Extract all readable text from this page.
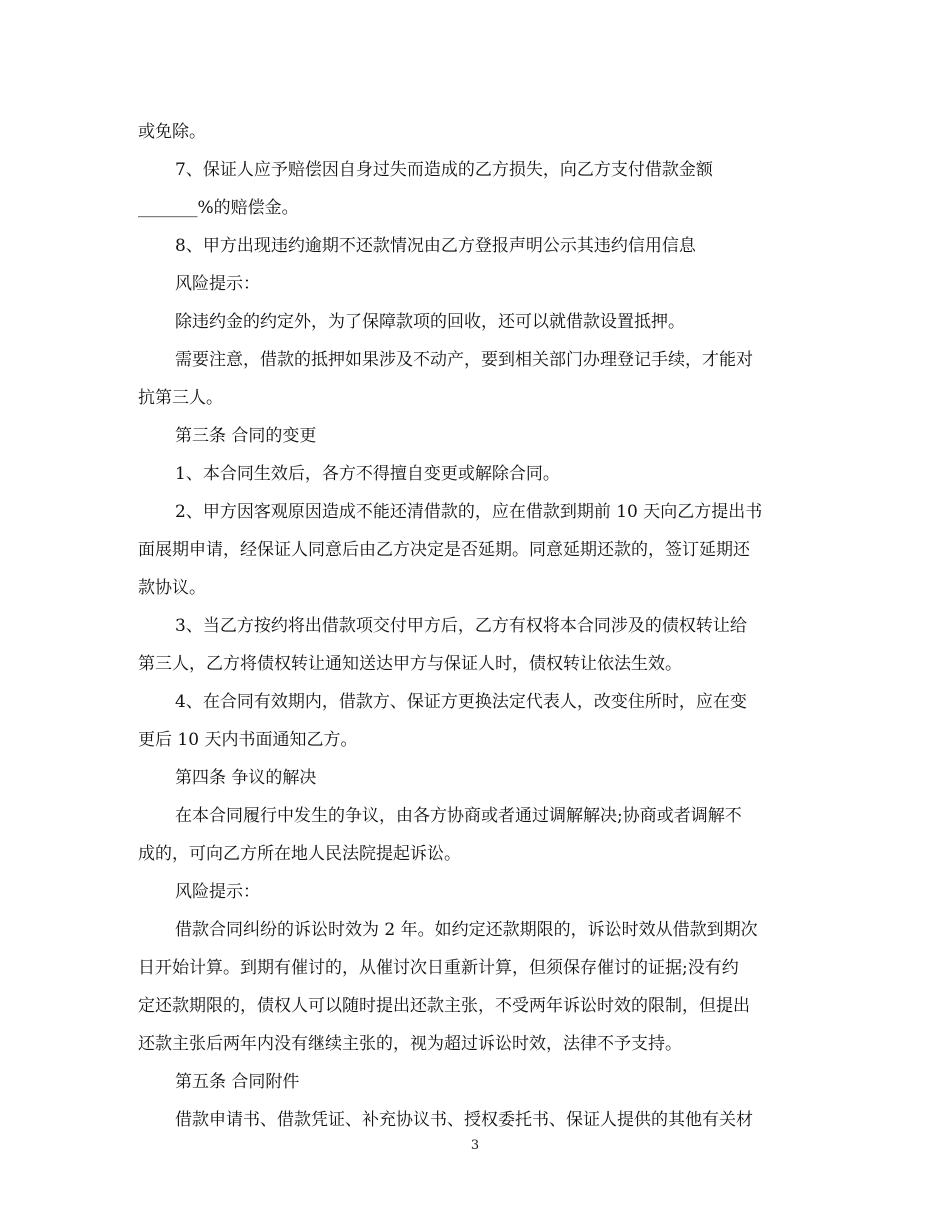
或免除。
7、保证人应予赔偿因自身过失而造成的乙方损失，向乙方支付借款金额
_______%的赔偿金。
8、甲方出现违约逾期不还款情况由乙方登报声明公示其违约信用信息
风险提示：
除违约金的约定外，为了保障款项的回收，还可以就借款设置抵押。
需要注意，借款的抵押如果涉及不动产，要到相关部门办理登记手续，才能对
抗第三人。
第三条 合同的变更
1、本合同生效后，各方不得擅自变更或解除合同。
2、甲方因客观原因造成不能还清借款的，应在借款到期前 10 天向乙方提出书
面展期申请，经保证人同意后由乙方决定是否延期。同意延期还款的，签订延期还
款协议。
3、当乙方按约将出借款项交付甲方后，乙方有权将本合同涉及的债权转让给
第三人，乙方将债权转让通知送达甲方与保证人时，债权转让依法生效。
4、在合同有效期内，借款方、保证方更换法定代表人，改变住所时，应在变
更后 10 天内书面通知乙方。
第四条 争议的解决
在本合同履行中发生的争议，由各方协商或者通过调解解决;协商或者调解不
成的，可向乙方所在地人民法院提起诉讼。
风险提示：
借款合同纠纷的诉讼时效为 2 年。如约定还款期限的，诉讼时效从借款到期次
日开始计算。到期有催讨的，从催讨次日重新计算，但须保存催讨的证据;没有约
定还款期限的，债权人可以随时提出还款主张，不受两年诉讼时效的限制，但提出
还款主张后两年内没有继续主张的，视为超过诉讼时效，法律不予支持。
第五条 合同附件
借款申请书、借款凭证、补充协议书、授权委托书、保证人提供的其他有关材
3
